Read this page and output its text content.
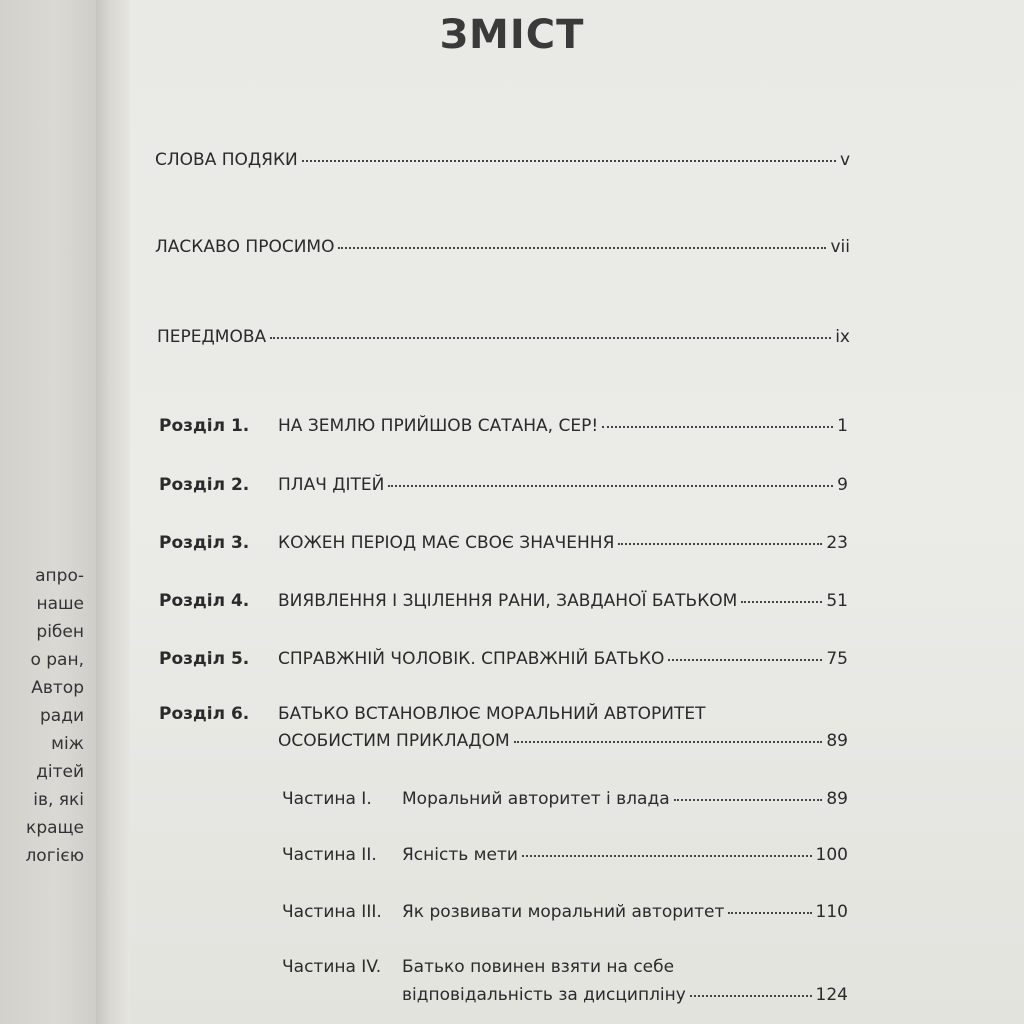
апро-
наше
рібен
о ран,
Автор
ради
між
дітей
ів, які
краще
логією
ЗМІСТ
СЛОВА ПОДЯКИ	v
ЛАСКАВО ПРОСИМО	vii
ПЕРЕДМОВА	ix
Розділ 1. НА ЗЕМЛЮ ПРИЙШОВ САТАНА, СЕР!	1
Розділ 2. ПЛАЧ ДІТЕЙ	9
Розділ 3. КОЖЕН ПЕРІОД МАЄ СВОЄ ЗНАЧЕННЯ	23
Розділ 4. ВИЯВЛЕННЯ І ЗЦІЛЕННЯ РАНИ, ЗАВДАНОЇ БАТЬКОМ	51
Розділ 5. СПРАВЖНІЙ ЧОЛОВІК. СПРАВЖНІЙ БАТЬКО	75
Розділ 6. БАТЬКО ВСТАНОВЛЮЄ МОРАЛЬНИЙ АВТОРИТЕТ
ОСОБИСТИМ ПРИКЛАДОМ	89
Частина I. Моральний авторитет і влада	89
Частина II. Ясність мети	100
Частина III. Як розвивати моральний авторитет	110
Частина IV. Батько повинен взяти на себе
відповідальність за дисципліну	124
